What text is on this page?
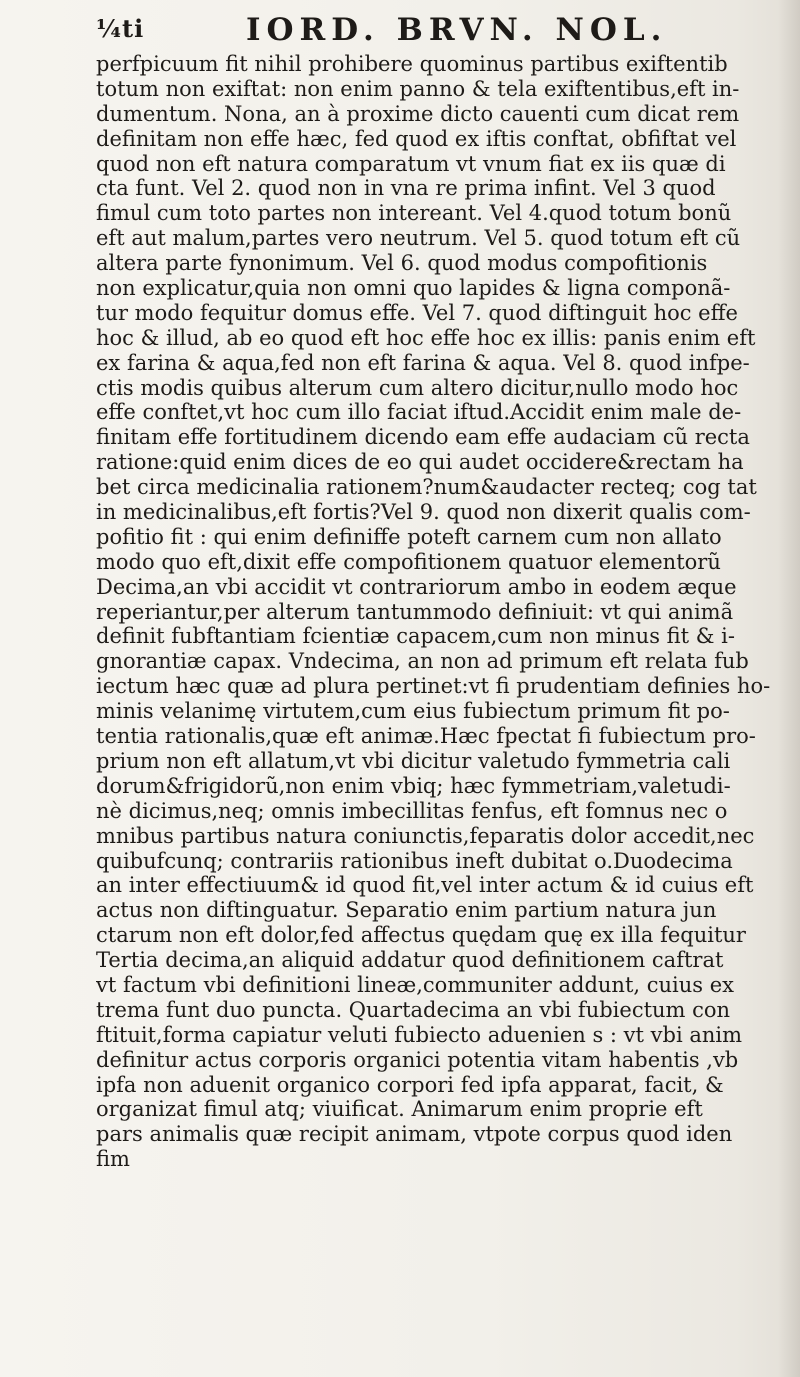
¼ti	IORD. BRVN. NOL.
perfpicuum fit nihil prohibere quominus partibus exiftentib
totum non exiftat: non enim panno & tela exiftentibus,eft in-
dumentum. Nona, an à proxime dicto cauenti cum dicat rem
definitam non effe hæc, fed quod ex iftis conftat, obfiftat vel
quod non eft natura comparatum vt vnum fiat ex iis quæ di
cta funt. Vel 2. quod non in vna re prima infint. Vel 3 quod
fimul cum toto partes non intereant. Vel 4.quod totum bonũ
eft aut malum,partes vero neutrum. Vel 5. quod totum eft cũ
altera parte fynonimum. Vel 6. quod modus compofitionis
non explicatur,quia non omni quo lapides & ligna componã-
tur modo fequitur domus effe. Vel 7. quod diftinguit hoc effe
hoc & illud, ab eo quod eft hoc effe hoc ex illis: panis enim eft
ex farina & aqua,fed non eft farina & aqua. Vel 8. quod infpe-
ctis modis quibus alterum cum altero dicitur,nullo modo hoc
effe conftet,vt hoc cum illo faciat iftud.Accidit enim male de-
finitam effe fortitudinem dicendo eam effe audaciam cũ recta
ratione:quid enim dices de eo qui audet occidere&rectam ha
bet circa medicinalia rationem?num&audacter recteq; cog tat
in medicinalibus,eft fortis?Vel 9. quod non dixerit qualis com-
pofitio fit : qui enim definiffe poteft carnem cum non allato
modo quo eft,dixit effe compofitionem quatuor elementorũ
Decima,an vbi accidit vt contrariorum ambo in eodem æque
reperiantur,per alterum tantummodo definiuit: vt qui animã
definit fubftantiam fcientiæ capacem,cum non minus fit & i-
gnorantiæ capax. Vndecima, an non ad primum eft relata fub
iectum hæc quæ ad plura pertinet:vt fi prudentiam definies ho-
minis velanimę virtutem,cum eius fubiectum primum fit po-
tentia rationalis,quæ eft animæ.Hæc fpectat fi fubiectum pro-
prium non eft allatum,vt vbi dicitur valetudo fymmetria cali
dorum&frigidorũ,non enim vbiq; hæc fymmetriam,valetudi-
nè dicimus,neq; omnis imbecillitas fenfus, eft fomnus nec o
mnibus partibus natura coniunctis,feparatis dolor accedit,nec
quibufcunq; contrariis rationibus ineft dubitat o.Duodecima
an inter effectiuum& id quod fit,vel inter actum & id cuius eft
actus non diftinguatur. Separatio enim partium natura jun
ctarum non eft dolor,fed affectus quędam quę ex illa fequitur
Tertia decima,an aliquid addatur quod definitionem caftrat
vt factum vbi definitioni lineæ,communiter addunt, cuius ex
trema funt duo puncta. Quartadecima an vbi fubiectum con
ftituit,forma capiatur veluti fubiecto aduenien s : vt vbi anim
definitur actus corporis organici potentia vitam habentis ,vb
ipfa non aduenit organico corpori fed ipfa apparat, facit, &
organizat fimul atq; viuificat. Animarum enim proprie eft
pars animalis quæ recipit animam, vtpote corpus quod iden
fim
